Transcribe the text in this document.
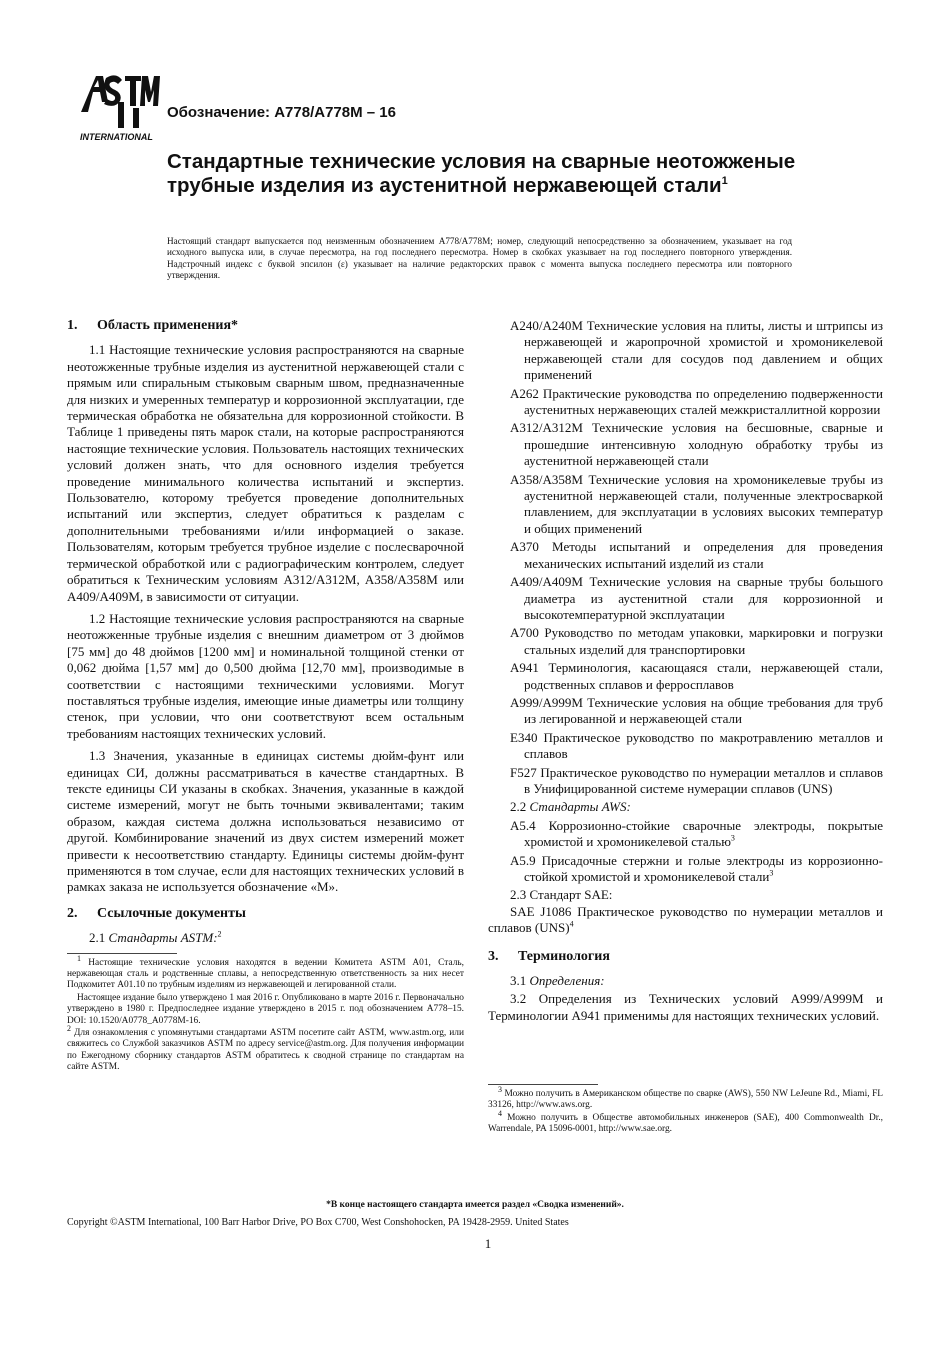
INTERNATIONAL
Обозначение: A778/A778M – 16
Стандартные технические условия на сварные неотожженые трубные изделия из аустенитной нержавеющей стали$^1$
Настоящий стандарт выпускается под неизменным обозначением A778/A778M; номер, следующий непосредственно за обозначением, указывает на год исходного выпуска или, в случае пересмотра, на год последнего пересмотра. Номер в скобках указывает на год последнего повторного утверждения. Надстрочный индекс с буквой эпсилон (ε) указывает на наличие редакторских правок с момента выпуска последнего пересмотра или повторного утверждения.
1. Область применения*

1.1 Настоящие технические условия распространяются на сварные неотожженные трубные изделия из аустенитной нержавеющей стали с прямым или спиральным стыковым сварным швом, предназначенные для низких и умеренных температур и коррозионной эксплуатации, где термическая обработка не обязательна для коррозионной стойкости. В Таблице 1 приведены пять марок стали, на которые распространяются настоящие технические условия. Пользователь настоящих технических условий должен знать, что для основного изделия требуется проведение минимального количества испытаний и экспертиз. Пользователю, которому требуется проведение дополнительных испытаний или экспертиз, следует обратиться к разделам с дополнительными требованиями и/или информацией о заказе. Пользователям, которым требуется трубное изделие с послесварочной термической обработкой или с радиографическим контролем, следует обратиться к Техническим условиям A312/A312M, A358/A358M или A409/A409M, в зависимости от ситуации.

1.2 Настоящие технические условия распространяются на сварные неотожженные трубные изделия с внешним диаметром от 3 дюймов [75 мм] до 48 дюймов [1200 мм] и номинальной толщиной стенки от 0,062 дюйма [1,57 мм] до 0,500 дюйма [12,70 мм], производимые в соответствии с настоящими техническими условиями. Могут поставляться трубные изделия, имеющие иные диаметры или толщину стенок, при условии, что они соответствуют всем остальным требованиям настоящих технических условий.

1.3 Значения, указанные в единицах системы дюйм-фунт или единицах СИ, должны рассматриваться в качестве стандартных. В тексте единицы СИ указаны в скобках. Значения, указанные в каждой системе измерений, могут не быть точными эквивалентами; таким образом, каждая система должна использоваться независимо от другой. Комбинирование значений из двух систем измерений может привести к несоответствию стандарту. Единицы системы дюйм-фунт применяются в том случае, если для настоящих технических условий в рамках заказа не используется обозначение «M».

2. Ссылочные документы

2.1 Стандарты ASTM:$^2$

$^1$ Настоящие технические условия находятся в ведении Комитета ASTM A01, Сталь, нержавеющая сталь и родственные сплавы, а непосредственную ответственность за них несет Подкомитет A01.10 по трубным изделиям из нержавеющей и легированной стали.

Настоящее издание было утверждено 1 мая 2016 г. Опубликовано в марте 2016 г. Первоначально утверждено в 1980 г. Предпоследнее издание утверждено в 2015 г. под обозначением A778–15. DOI: 10.1520/A0778_A0778M-16.

$^2$ Для ознакомления с упомянутыми стандартами ASTM посетите сайт ASTM, www.astm.org, или свяжитесь со Службой заказчиков ASTM по адресу service@astm.org. Для получения информации по Ежегодному сборнику стандартов ASTM обратитесь к сводной странице по стандартам на сайте ASTM.

A240/A240M Технические условия на плиты, листы и штрипсы из нержавеющей и жаропрочной хромистой и хромоникелевой нержавеющей стали для сосудов под давлением и общих применений

A262 Практические руководства по определению подверженности аустенитных нержавеющих сталей межкристаллитной коррозии

A312/A312M Технические условия на бесшовные, сварные и прошедшие интенсивную холодную обработку трубы из аустенитной нержавеющей стали

A358/A358M Технические условия на хромоникелевые трубы из аустенитной нержавеющей стали, полученные электросваркой плавлением, для эксплуатации в условиях высоких температур и общих применений

A370 Методы испытаний и определения для проведения механических испытаний изделий из стали

A409/A409M Технические условия на сварные трубы большого диаметра из аустенитной стали для коррозионной и высокотемпературной эксплуатации

A700 Руководство по методам упаковки, маркировки и погрузки стальных изделий для транспортировки

A941 Терминология, касающаяся стали, нержавеющей стали, родственных сплавов и ферросплавов

A999/A999M Технические условия на общие требования для труб из легированной и нержавеющей стали

E340 Практическое руководство по макротравлению металлов и сплавов

F527 Практическое руководство по нумерации металлов и сплавов в Унифицированной системе нумерации сплавов (UNS)

2.2 Стандарты AWS:

A5.4 Коррозионно-стойкие сварочные электроды, покрытые хромистой и хромоникелевой сталью$^3$

A5.9 Присадочные стержни и голые электроды из коррозионно-стойкой хромистой и хромоникелевой стали$^3$

2.3 Стандарт SAE:

SAE J1086 Практическое руководство по нумерации металлов и сплавов (UNS)$^4$

3. Терминология

3.1 Определения:

3.2 Определения из Технических условий A999/A999M и Терминологии A941 применимы для настоящих технических условий.

$^3$ Можно получить в Американском обществе по сварке (AWS), 550 NW LeJeune Rd., Miami, FL 33126, http://www.aws.org.

$^4$ Можно получить в Обществе автомобильных инженеров (SAE), 400 Commonwealth Dr., Warrendale, PA 15096-0001, http://www.sae.org.

*В конце настоящего стандарта имеется раздел «Сводка изменений».
Copyright ©ASTM International, 100 Barr Harbor Drive, PO Box C700, West Conshohocken, PA 19428-2959. United States
1
